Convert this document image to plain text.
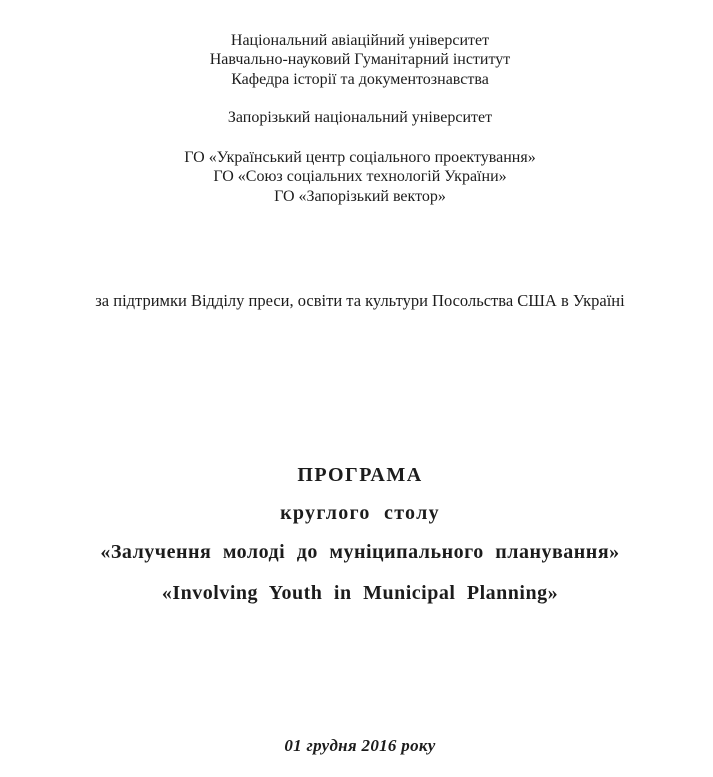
Національний авіаційний університет
Навчально-науковий Гуманітарний інститут
Кафедра історії та документознавства
Запорізький національний університет
ГО «Український центр соціального проектування»
ГО «Союз соціальних технологій України»
ГО «Запорізький вектор»
за підтримки Відділу преси, освіти та культури Посольства США в Україні
ПРОГРАМА
круглого столу
«Залучення молоді до муніципального планування»
«Involving Youth in Municipal Planning»
01 грудня 2016 року
